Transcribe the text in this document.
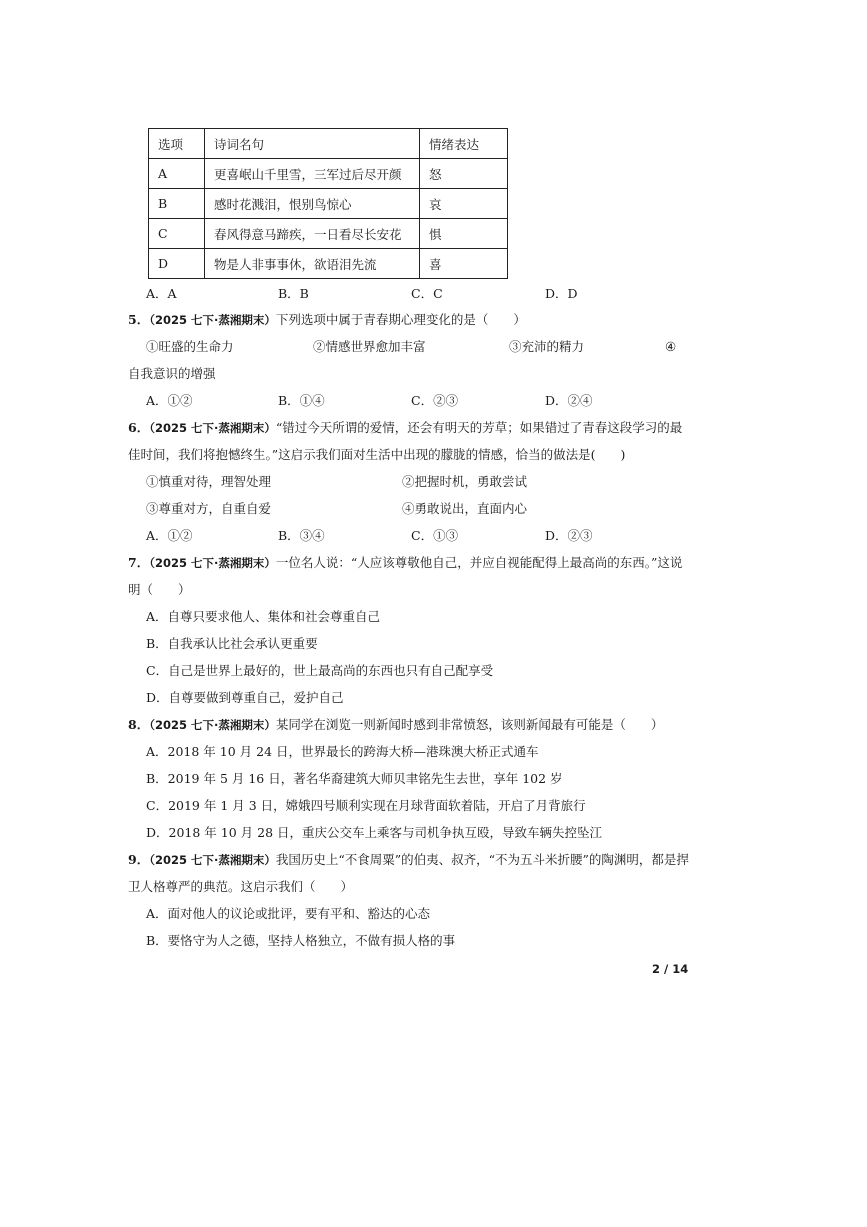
选项	诗词名句	情绪表达
A	更喜岷山千里雪，三军过后尽开颜	怒
B	感时花溅泪，恨别鸟惊心	哀
C	春风得意马蹄疾，一日看尽长安花	惧
D	物是人非事事休，欲语泪先流	喜
A．A	B．B	C．C	D．D
5．（2025 七下·蒸湘期末）下列选项中属于青春期心理变化的是（　　）
①旺盛的生命力	②情感世界愈加丰富	③充沛的精力	④
自我意识的增强
A．①②	B．①④	C．②③	D．②④
6．（2025 七下·蒸湘期末）“错过今天所谓的爱情，还会有明天的芳草；如果错过了青春这段学习的最
佳时间，我们将抱憾终生。”这启示我们面对生活中出现的朦胧的情感，恰当的做法是(　　)
①慎重对待，理智处理	②把握时机，勇敢尝试
③尊重对方，自重自爱	④勇敢说出，直面内心
A．①②	B．③④	C．①③	D．②③
7．（2025 七下·蒸湘期末）一位名人说：“人应该尊敬他自己，并应自视能配得上最高尚的东西。”这说
明（　　）
A．自尊只要求他人、集体和社会尊重自己
B．自我承认比社会承认更重要
C．自己是世界上最好的，世上最高尚的东西也只有自己配享受
D．自尊要做到尊重自己，爱护自己
8．（2025 七下·蒸湘期末）某同学在浏览一则新闻时感到非常愤怒，该则新闻最有可能是（　　）
A．2018 年 10 月 24 日，世界最长的跨海大桥—港珠澳大桥正式通车
B．2019 年 5 月 16 日，著名华裔建筑大师贝聿铭先生去世，享年 102 岁
C．2019 年 1 月 3 日，嫦娥四号顺利实现在月球背面软着陆，开启了月背旅行
D．2018 年 10 月 28 日，重庆公交车上乘客与司机争执互殴，导致车辆失控坠江
9．（2025 七下·蒸湘期末）我国历史上“不食周粟”的伯夷、叔齐，“不为五斗米折腰”的陶渊明，都是捍
卫人格尊严的典范。这启示我们（　　）
A．面对他人的议论或批评，要有平和、豁达的心态
B．要恪守为人之德，坚持人格独立，不做有损人格的事
2 / 14
